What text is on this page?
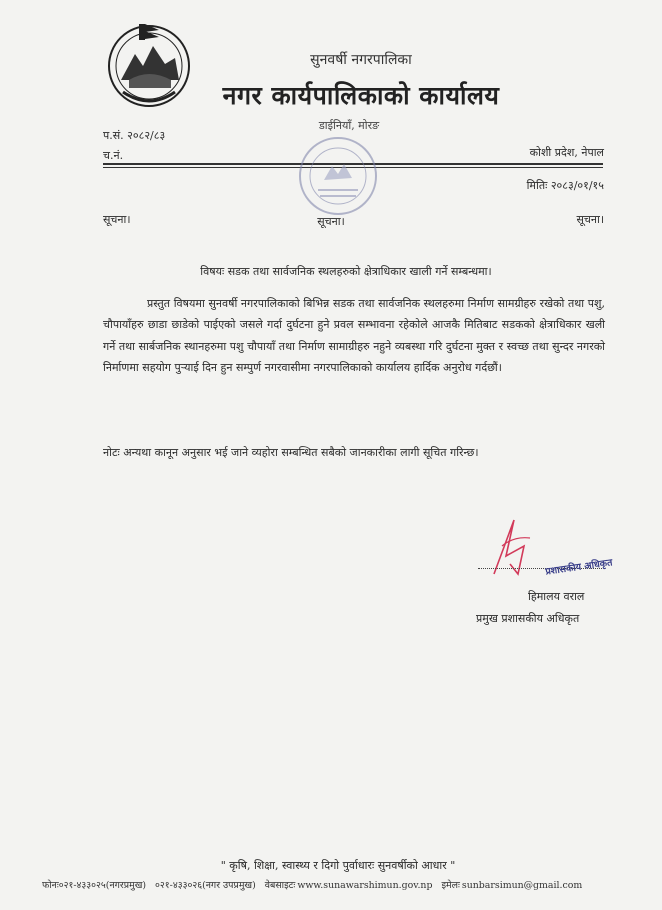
सुनवर्षी नगरपालिका
नगर कार्यपालिकाको कार्यालय
डाईनियाँ, मोरङ
प.सं. २०८२/८३
च.नं.	कोशी प्रदेश, नेपाल
मितिः २०८३/०१/१५
सूचना।	सूचना।	सूचना।
विषयः सडक तथा सार्वजनिक स्थलहरुको क्षेत्राधिकार खाली गर्ने सम्बन्धमा।
प्रस्तुत विषयमा सुनवर्षी नगरपालिकाको बिभिन्न सडक तथा सार्वजनिक स्थलहरुमा निर्माण सामग्रीहरु रखेको तथा पशु, चौपायाँहरु छाडा छाडेको पाईएको जसले गर्दा दुर्घटना हुने प्रवल सम्भावना रहेकोले आजकै मितिबाट सडकको क्षेत्राधिकार खली गर्ने तथा सार्बजनिक स्थानहरुमा पशु चौपायाँ तथा निर्माण सामाग्रीहरु नहुने व्यबस्था गरि दुर्घटना मुक्त र स्वच्छ तथा सुन्दर नगरको निर्माणमा सहयोग पुर्‍याई दिन हुन सम्पुर्ण नगरवासीमा नगरपालिकाको कार्यालय हार्दिक अनुरोध गर्दछौं।
नोटः अन्यथा कानून अनुसार भई जाने व्यहोरा सम्बन्धित सबैको जानकारीका लागी सूचित गरिन्छ।
प्रशासकीय अधिकृत
हिमालय वराल
प्रमुख प्रशासकीय अधिकृत
" कृषि, शिक्षा, स्वास्थ्य र दिगो पुर्वाधारः सुनवर्षीको आधार "
फोनः०२१-४३३०२५(नगरप्रमुख) ०२१-४३३०२६(नगर उपप्रमुख) वेबसाइटः www.sunawarshimun.gov.np इमेलः sunbarsimun@gmail.com
